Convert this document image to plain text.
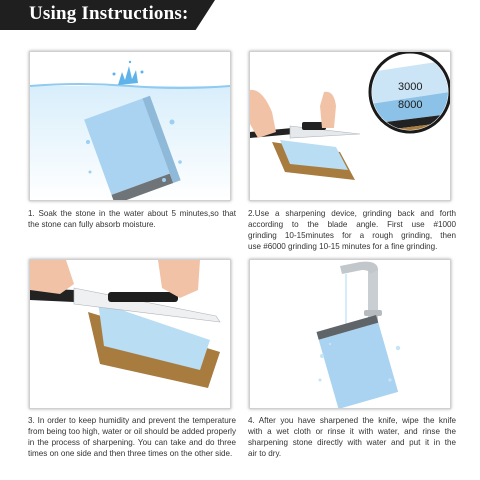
Using Instructions:
3000
8000
1. Soak the stone in the water about 5 minutes,so that
the stone can fully absorb moisture.
2.Use a sharpening device, grinding back and forth
according to the blade angle. First use #1000
grinding 10-15minutes for a rough grinding, then
use #6000 grinding 10-15 minutes for a fine grinding.
3. In order to keep humidity and prevent the temperature
from being too high, water or oil should be added properly
in the process of sharpening. You can take and do three
times on one side and then three times on the other side.
4. After you have sharpened the knife, wipe the knife
with a wet cloth or rinse it with water, and rinse the
sharpening stone directly with water and put it in the
air to dry.
